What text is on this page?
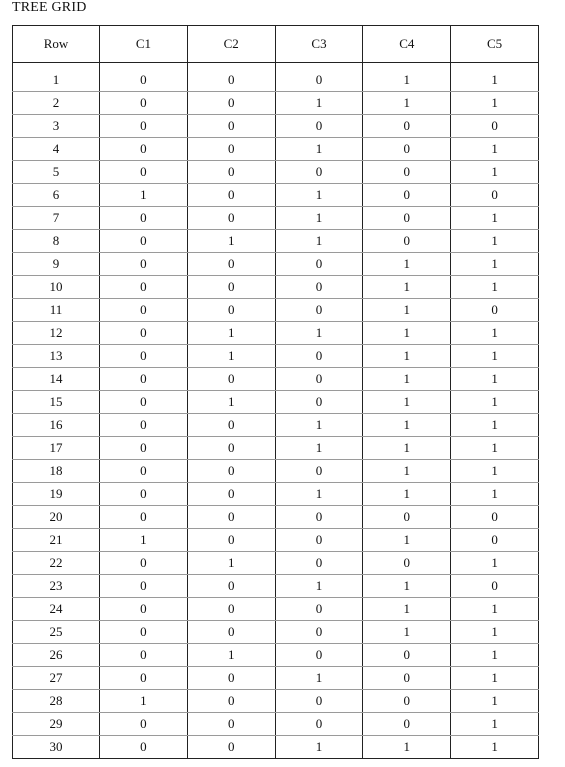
TREE GRID
Row	C1	C2	C3	C4	C5

1	0	0	0	1	1
2	0	0	1	1	1
3	0	0	0	0	0
4	0	0	1	0	1
5	0	0	0	0	1
6	1	0	1	0	0
7	0	0	1	0	1
8	0	1	1	0	1
9	0	0	0	1	1
10	0	0	0	1	1
11	0	0	0	1	0
12	0	1	1	1	1
13	0	1	0	1	1
14	0	0	0	1	1
15	0	1	0	1	1
16	0	0	1	1	1
17	0	0	1	1	1
18	0	0	0	1	1
19	0	0	1	1	1
20	0	0	0	0	0
21	1	0	0	1	0
22	0	1	0	0	1
23	0	0	1	1	0
24	0	0	0	1	1
25	0	0	0	1	1
26	0	1	0	0	1
27	0	0	1	0	1
28	1	0	0	0	1
29	0	0	0	0	1
30	0	0	1	1	1
